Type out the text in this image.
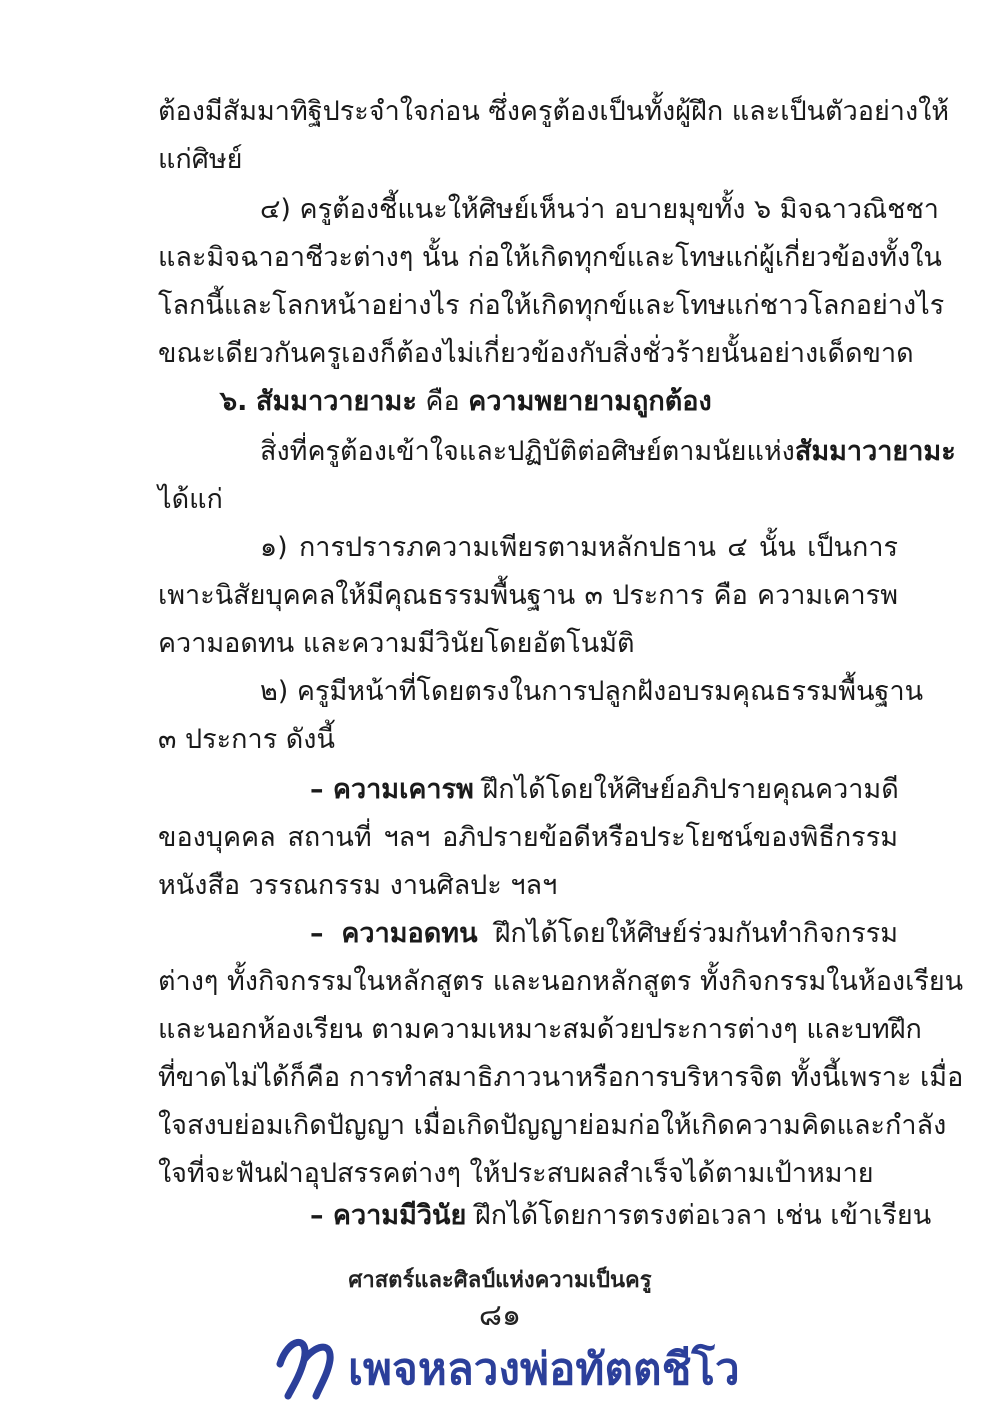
ต้องมีสัมมาทิฐิประจำใจก่อน ซึ่งครูต้องเป็นทั้งผู้ฝึก และเป็นตัวอย่างให้
แก่ศิษย์
๔) ครูต้องชี้แนะให้ศิษย์เห็นว่า อบายมุขทั้ง ๖ มิจฉาวณิชชา
และมิจฉาอาชีวะต่างๆ นั้น ก่อให้เกิดทุกข์และโทษแก่ผู้เกี่ยวข้องทั้งใน
โลกนี้และโลกหน้าอย่างไร ก่อให้เกิดทุกข์และโทษแก่ชาวโลกอย่างไร
ขณะเดียวกันครูเองก็ต้องไม่เกี่ยวข้องกับสิ่งชั่วร้ายนั้นอย่างเด็ดขาด
๖. สัมมาวายามะ คือ ความพยายามถูกต้อง
สิ่งที่ครูต้องเข้าใจและปฏิบัติต่อศิษย์ตามนัยแห่งสัมมาวายามะ
ได้แก่
๑) การปรารภความเพียรตามหลักปธาน ๔ นั้น เป็นการ
เพาะนิสัยบุคคลให้มีคุณธรรมพื้นฐาน ๓ ประการ คือ ความเคารพ
ความอดทน และความมีวินัยโดยอัตโนมัติ
๒) ครูมีหน้าที่โดยตรงในการปลูกฝังอบรมคุณธรรมพื้นฐาน
๓ ประการ ดังนี้
– ความเคารพ ฝึกได้โดยให้ศิษย์อภิปรายคุณความดี
ของบุคคล สถานที่ ฯลฯ อภิปรายข้อดีหรือประโยชน์ของพิธีกรรม
หนังสือ วรรณกรรม งานศิลปะ ฯลฯ
– ความอดทน ฝึกได้โดยให้ศิษย์ร่วมกันทำกิจกรรม
ต่างๆ ทั้งกิจกรรมในหลักสูตร และนอกหลักสูตร ทั้งกิจกรรมในห้องเรียน
และนอกห้องเรียน ตามความเหมาะสมด้วยประการต่างๆ และบทฝึก
ที่ขาดไม่ได้ก็คือ การทำสมาธิภาวนาหรือการบริหารจิต ทั้งนี้เพราะ เมื่อ
ใจสงบย่อมเกิดปัญญา เมื่อเกิดปัญญาย่อมก่อให้เกิดความคิดและกำลัง
ใจที่จะฟันฝ่าอุปสรรคต่างๆ ให้ประสบผลสำเร็จได้ตามเป้าหมาย
– ความมีวินัย ฝึกได้โดยการตรงต่อเวลา เช่น เข้าเรียน
ศาสตร์และศิลป์แห่งความเป็นครู
๘๑
เพจหลวงพ่อทัตตชีโว
